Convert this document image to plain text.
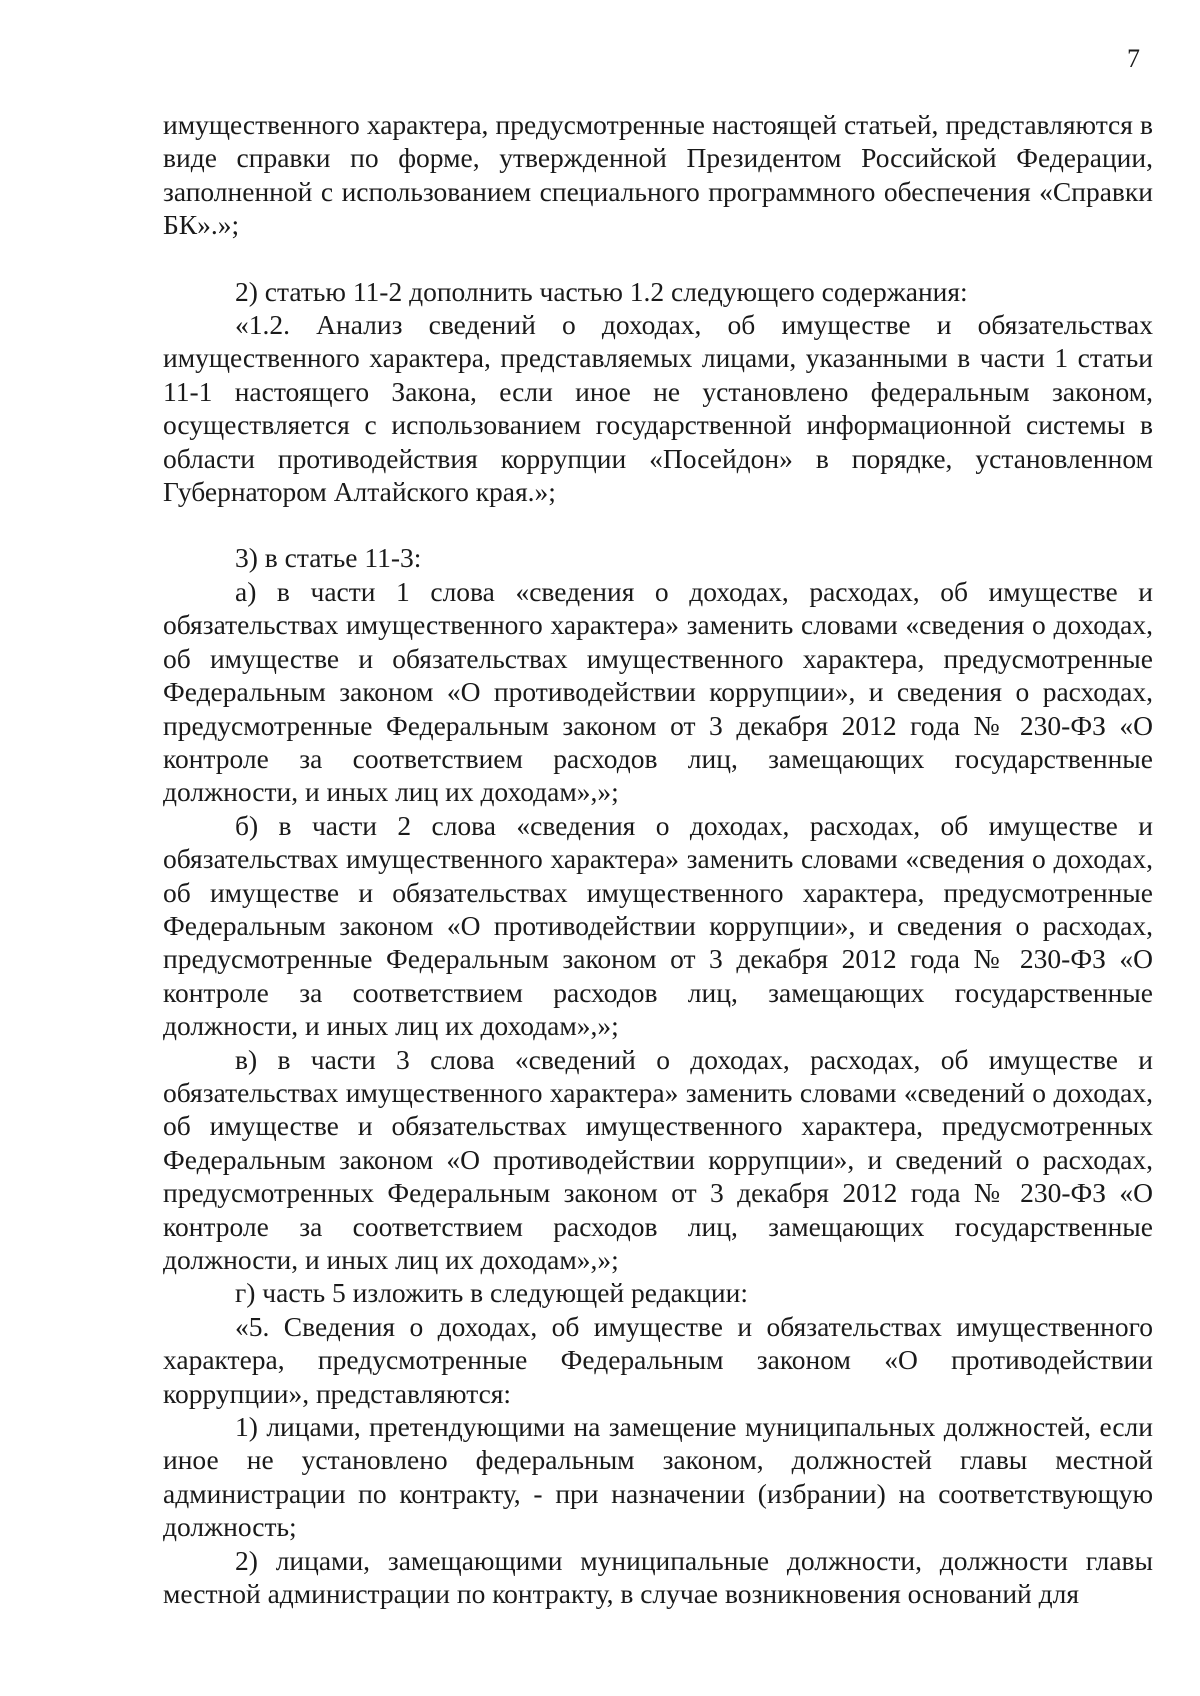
7

имущественного характера, предусмотренные настоящей статьей, представляются в виде справки по форме, утвержденной Президентом Российской Федерации, заполненной с использованием специального программного обеспечения «Справки БК».»;

2) статью 11-2 дополнить частью 1.2 следующего содержания:

«1.2. Анализ сведений о доходах, об имуществе и обязательствах имущественного характера, представляемых лицами, указанными в части 1 статьи 11-1 настоящего Закона, если иное не установлено федеральным законом, осуществляется с использованием государственной информационной системы в области противодействия коррупции «Посейдон» в порядке, установленном Губернатором Алтайского края.»;

3) в статье 11-3:

а) в части 1 слова «сведения о доходах, расходах, об имуществе и обязательствах имущественного характера» заменить словами «сведения о доходах, об имуществе и обязательствах имущественного характера, предусмотренные Федеральным законом «О противодействии коррупции», и сведения о расходах, предусмотренные Федеральным законом от 3 декабря 2012 года № 230-ФЗ «О контроле за соответствием расходов лиц, замещающих государственные должности, и иных лиц их доходам»,»;

б) в части 2 слова «сведения о доходах, расходах, об имуществе и обязательствах имущественного характера» заменить словами «сведения о доходах, об имуществе и обязательствах имущественного характера, предусмотренные Федеральным законом «О противодействии коррупции», и сведения о расходах, предусмотренные Федеральным законом от 3 декабря 2012 года № 230-ФЗ «О контроле за соответствием расходов лиц, замещающих государственные должности, и иных лиц их доходам»,»;

в) в части 3 слова «сведений о доходах, расходах, об имуществе и обязательствах имущественного характера» заменить словами «сведений о доходах, об имуществе и обязательствах имущественного характера, предусмотренных Федеральным законом «О противодействии коррупции», и сведений о расходах, предусмотренных Федеральным законом от 3 декабря 2012 года № 230-ФЗ «О контроле за соответствием расходов лиц, замещающих государственные должности, и иных лиц их доходам»,»;

г) часть 5 изложить в следующей редакции:

«5. Сведения о доходах, об имуществе и обязательствах имущественного характера, предусмотренные Федеральным законом «О противодействии коррупции», представляются:

1) лицами, претендующими на замещение муниципальных должностей, если иное не установлено федеральным законом, должностей главы местной администрации по контракту, - при назначении (избрании) на соответствующую должность;

2) лицами, замещающими муниципальные должности, должности главы местной администрации по контракту, в случае возникновения оснований для
